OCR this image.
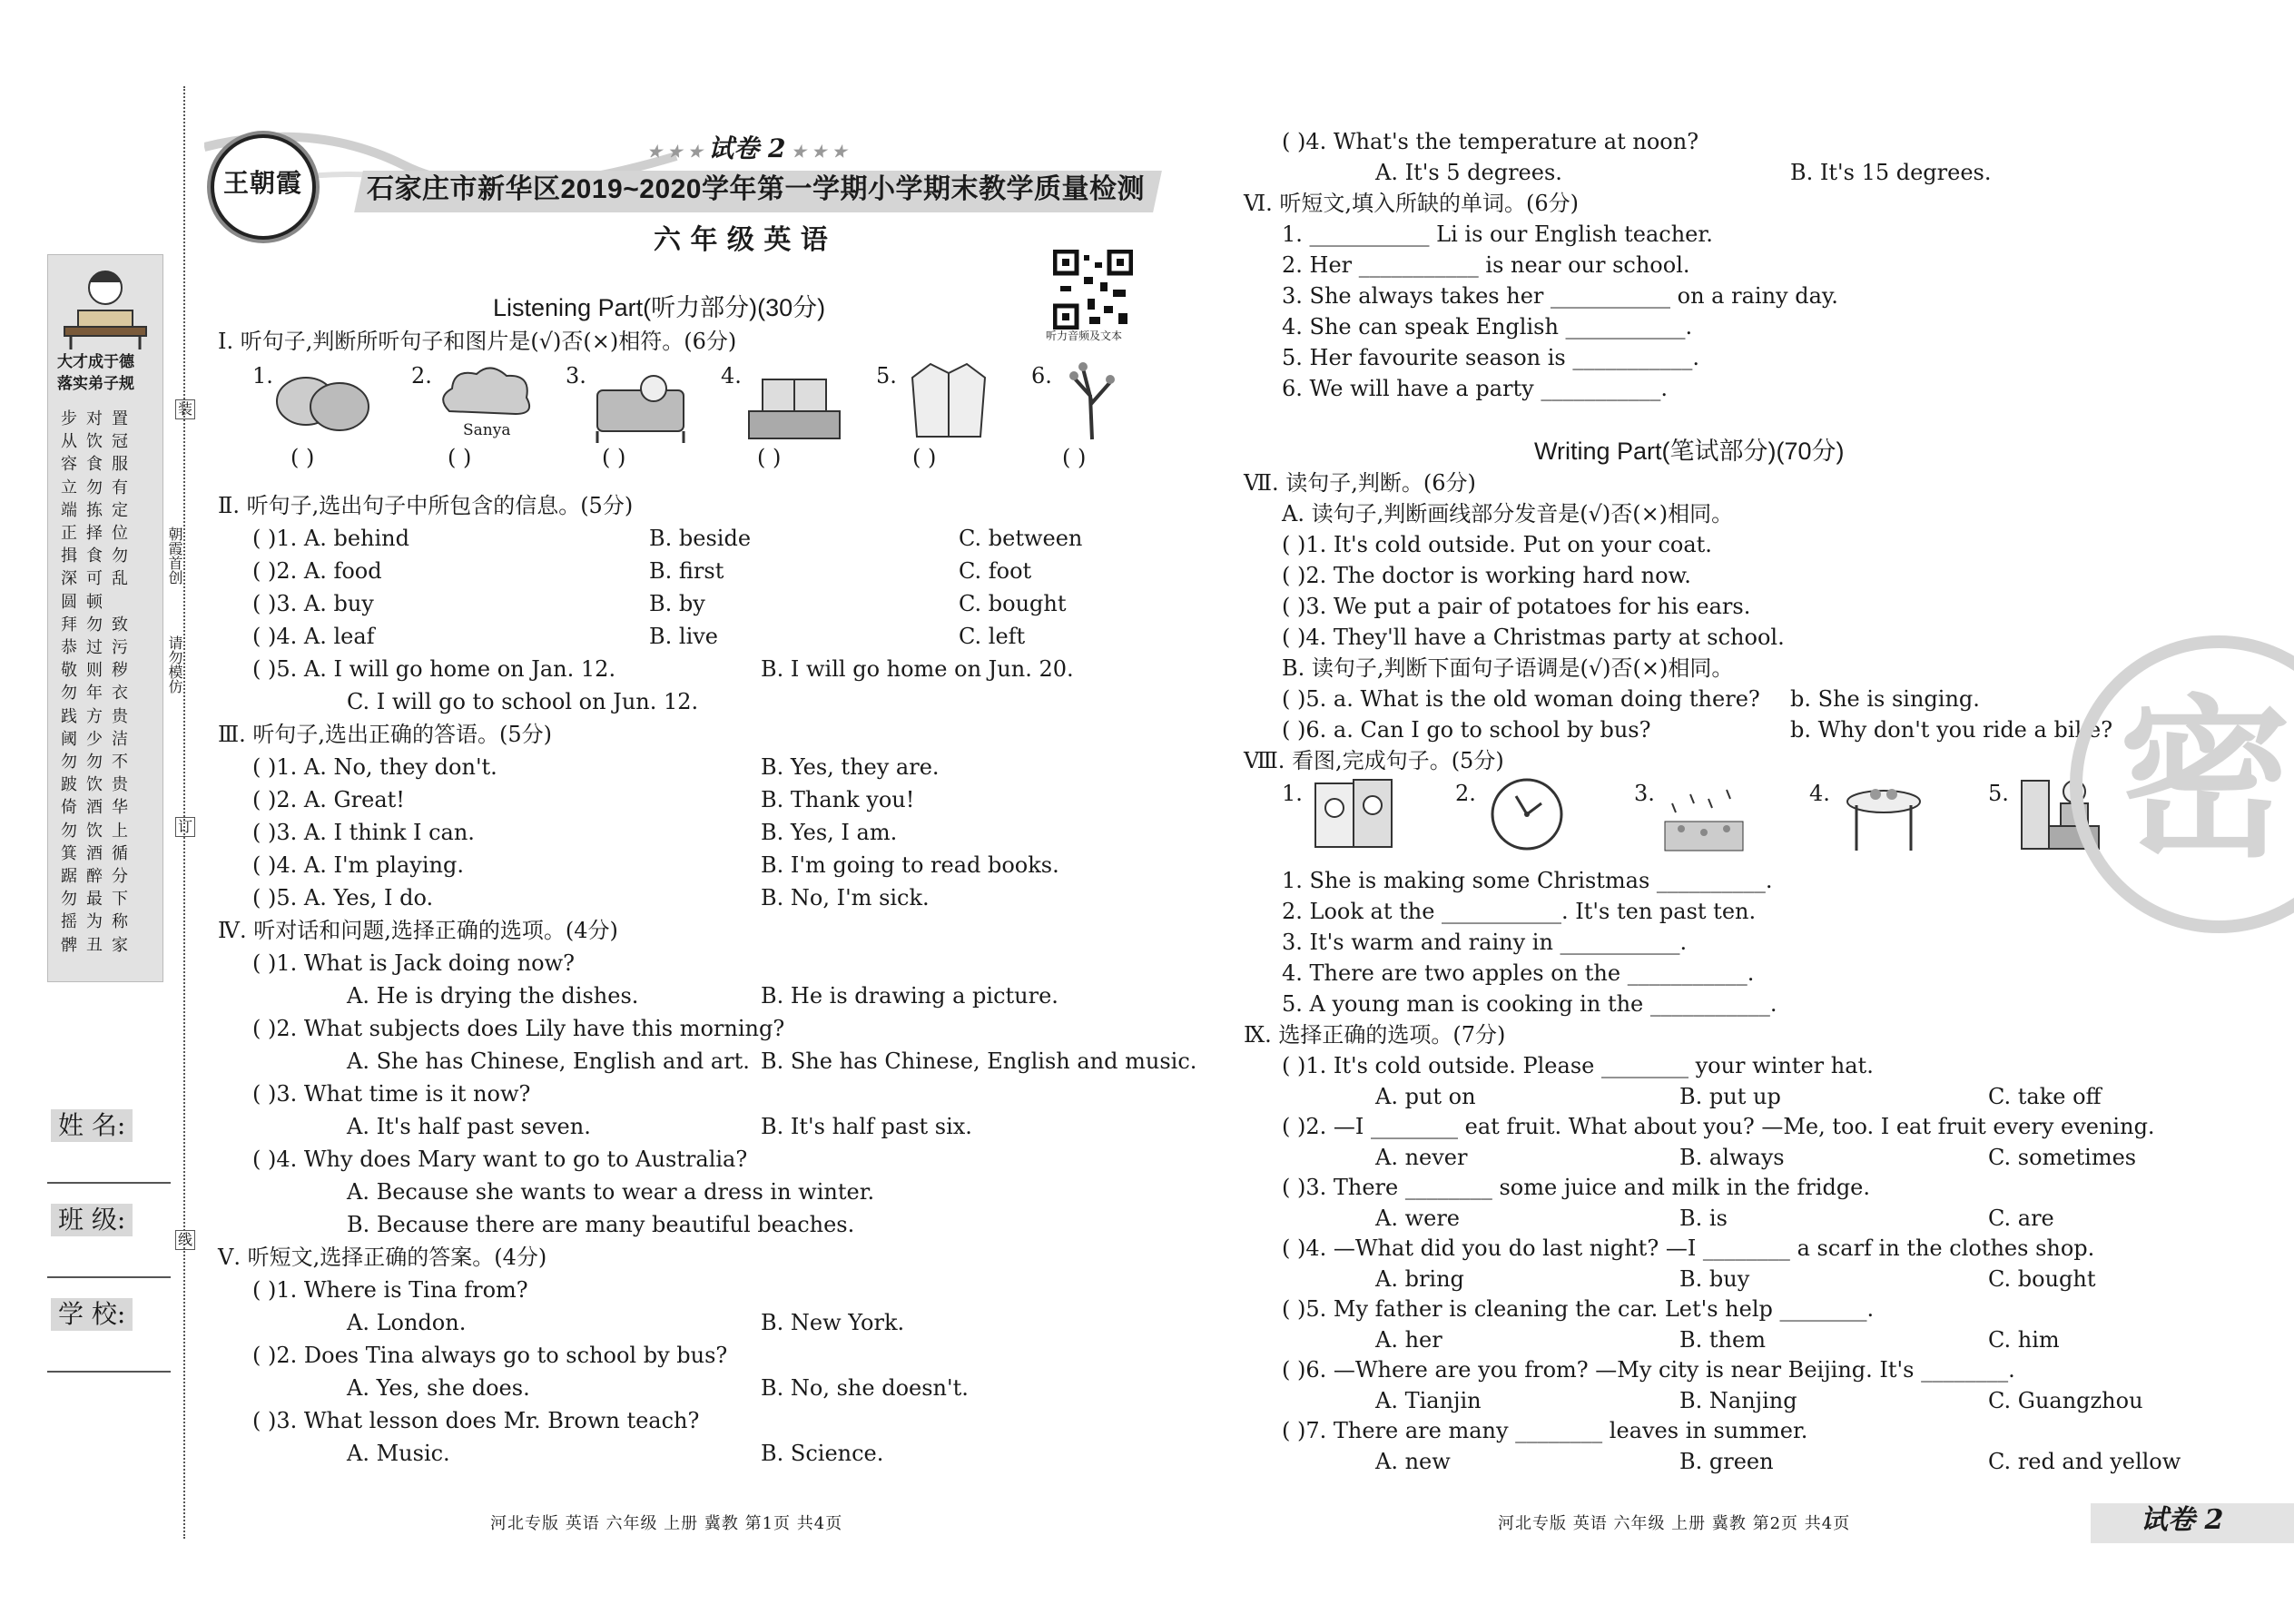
大才成于德
落实弟子规
步对置
从饮冠
容食服
立勿有
端拣定
正择位
揖食勿
深可乱
圆顿
拜勿致
恭过污
敬则秽
勿年衣
践方贵
阈少洁
勿勿不
跛饮贵
倚酒华
勿饮上
箕酒循
踞醉分
勿最下
摇为称
髀丑家
朝霞首创
请勿模仿
装
订
线
姓 名:
班 级:
学 校:
王朝霞
★ ★ ★ 试卷 2 ★ ★ ★
石家庄市新华区2019~2020学年第一学期小学期末教学质量检测
六 年 级 英 语
听力音频及文本
Listening Part(听力部分)(30分)
Ⅰ. 听句子,判断所听句子和图片是(√)否(×)相符。(6分)
1.	2.	3.	4.	5.	6.
Sanya
( )	( )	( )	( )	( )	( )
Ⅱ. 听句子,选出句子中所包含的信息。(5分)
( )1. A. behind	B. beside	C. between
( )2. A. food	B. first	C. foot
( )3. A. buy	B. by	C. bought
( )4. A. leaf	B. live	C. left
( )5. A. I will go home on Jan. 12.	B. I will go home on Jun. 20.
C. I will go to school on Jun. 12.
Ⅲ. 听句子,选出正确的答语。(5分)
( )1. A. No, they don't.	B. Yes, they are.
( )2. A. Great!	B. Thank you!
( )3. A. I think I can.	B. Yes, I am.
( )4. A. I'm playing.	B. I'm going to read books.
( )5. A. Yes, I do.	B. No, I'm sick.
Ⅳ. 听对话和问题,选择正确的选项。(4分)
( )1. What is Jack doing now?
A. He is drying the dishes.	B. He is drawing a picture.
( )2. What subjects does Lily have this morning?
A. She has Chinese, English and art. B. She has Chinese, English and music.
( )3. What time is it now?
A. It's half past seven.	B. It's half past six.
( )4. Why does Mary want to go to Australia?
A. Because she wants to wear a dress in winter.
B. Because there are many beautiful beaches.
Ⅴ. 听短文,选择正确的答案。(4分)
( )1. Where is Tina from?
A. London.	B. New York.
( )2. Does Tina always go to school by bus?
A. Yes, she does.	B. No, she doesn't.
( )3. What lesson does Mr. Brown teach?
A. Music.	B. Science.
河北专版 英语 六年级 上册 冀教 第1页 共4页
( )4. What's the temperature at noon?
A. It's 5 degrees.	B. It's 15 degrees.
Ⅵ. 听短文,填入所缺的单词。(6分)
1. ___________ Li is our English teacher.
2. Her ___________ is near our school.
3. She always takes her ___________ on a rainy day.
4. She can speak English ___________.
5. Her favourite season is ___________.
6. We will have a party ___________.
Writing Part(笔试部分)(70分)
Ⅶ. 读句子,判断。(6分)
A. 读句子,判断画线部分发音是(√)否(×)相同。
( )1. It's cold outside. Put on your coat.
( )2. The doctor is working hard now.
( )3. We put a pair of potatoes for his ears.
( )4. They'll have a Christmas party at school.
B. 读句子,判断下面句子语调是(√)否(×)相同。
( )5. a. What is the old woman doing there? b. She is singing.
( )6. a. Can I go to school by bus?	b. Why don't you ride a bike?
Ⅷ. 看图,完成句子。(5分)
1.	2.	3.	4.	5.
1. She is making some Christmas __________.
2. Look at the ___________. It's ten past ten.
3. It's warm and rainy in ___________.
4. There are two apples on the ___________.
5. A young man is cooking in the ___________.
Ⅸ. 选择正确的选项。(7分)
( )1. It's cold outside. Please ________ your winter hat.
A. put on	B. put up	C. take off
( )2. —I ________ eat fruit. What about you? —Me, too. I eat fruit every evening.
A. never	B. always	C. sometimes
( )3. There ________ some juice and milk in the fridge.
A. were	B. is	C. are
( )4. —What did you do last night? —I ________ a scarf in the clothes shop.
A. bring	B. buy	C. bought
( )5. My father is cleaning the car. Let's help ________.
A. her	B. them	C. him
( )6. —Where are you from? —My city is near Beijing. It's ________.
A. Tianjin	B. Nanjing	C. Guangzhou
( )7. There are many ________ leaves in summer.
A. new	B. green	C. red and yellow
密
河北专版 英语 六年级 上册 冀教 第2页 共4页	试卷 2
